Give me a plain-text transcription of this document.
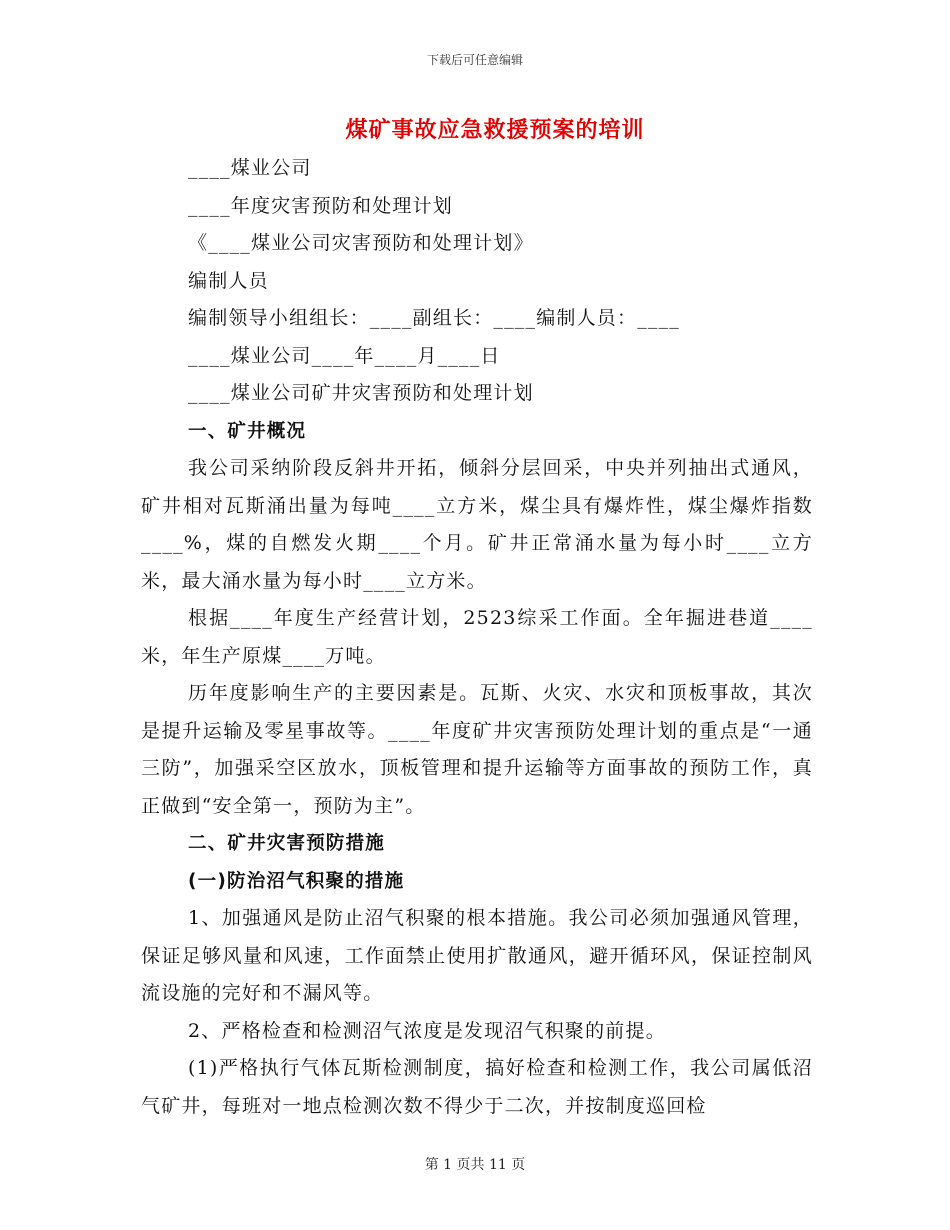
下载后可任意编辑
煤矿事故应急救援预案的培训

____煤业公司

____年度灾害预防和处理计划

《____煤业公司灾害预防和处理计划》

编制人员

编制领导小组组长：____副组长：____编制人员：____

____煤业公司____年____月____日

____煤业公司矿井灾害预防和处理计划

一、矿井概况

我公司采纳阶段反斜井开拓，倾斜分层回采，中央并列抽出式通风，矿井相对瓦斯涌出量为每吨____立方米，煤尘具有爆炸性，煤尘爆炸指数____%，煤的自燃发火期____个月。矿井正常涌水量为每小时____立方米，最大涌水量为每小时____立方米。

根据____年度生产经营计划，2523综采工作面。全年掘进巷道____米，年生产原煤____万吨。

历年度影响生产的主要因素是。瓦斯、火灾、水灾和顶板事故，其次是提升运输及零星事故等。____年度矿井灾害预防处理计划的重点是“一通三防”，加强采空区放水，顶板管理和提升运输等方面事故的预防工作，真正做到“安全第一，预防为主”。

二、矿井灾害预防措施

(一)防治沼气积聚的措施

1、加强通风是防止沼气积聚的根本措施。我公司必须加强通风管理，保证足够风量和风速，工作面禁止使用扩散通风，避开循环风，保证控制风流设施的完好和不漏风等。

2、严格检查和检测沼气浓度是发现沼气积聚的前提。

(1)严格执行气体瓦斯检测制度，搞好检查和检测工作，我公司属低沼气矿井，每班对一地点检测次数不得少于二次，并按制度巡回检

第 1 页共 11 页
